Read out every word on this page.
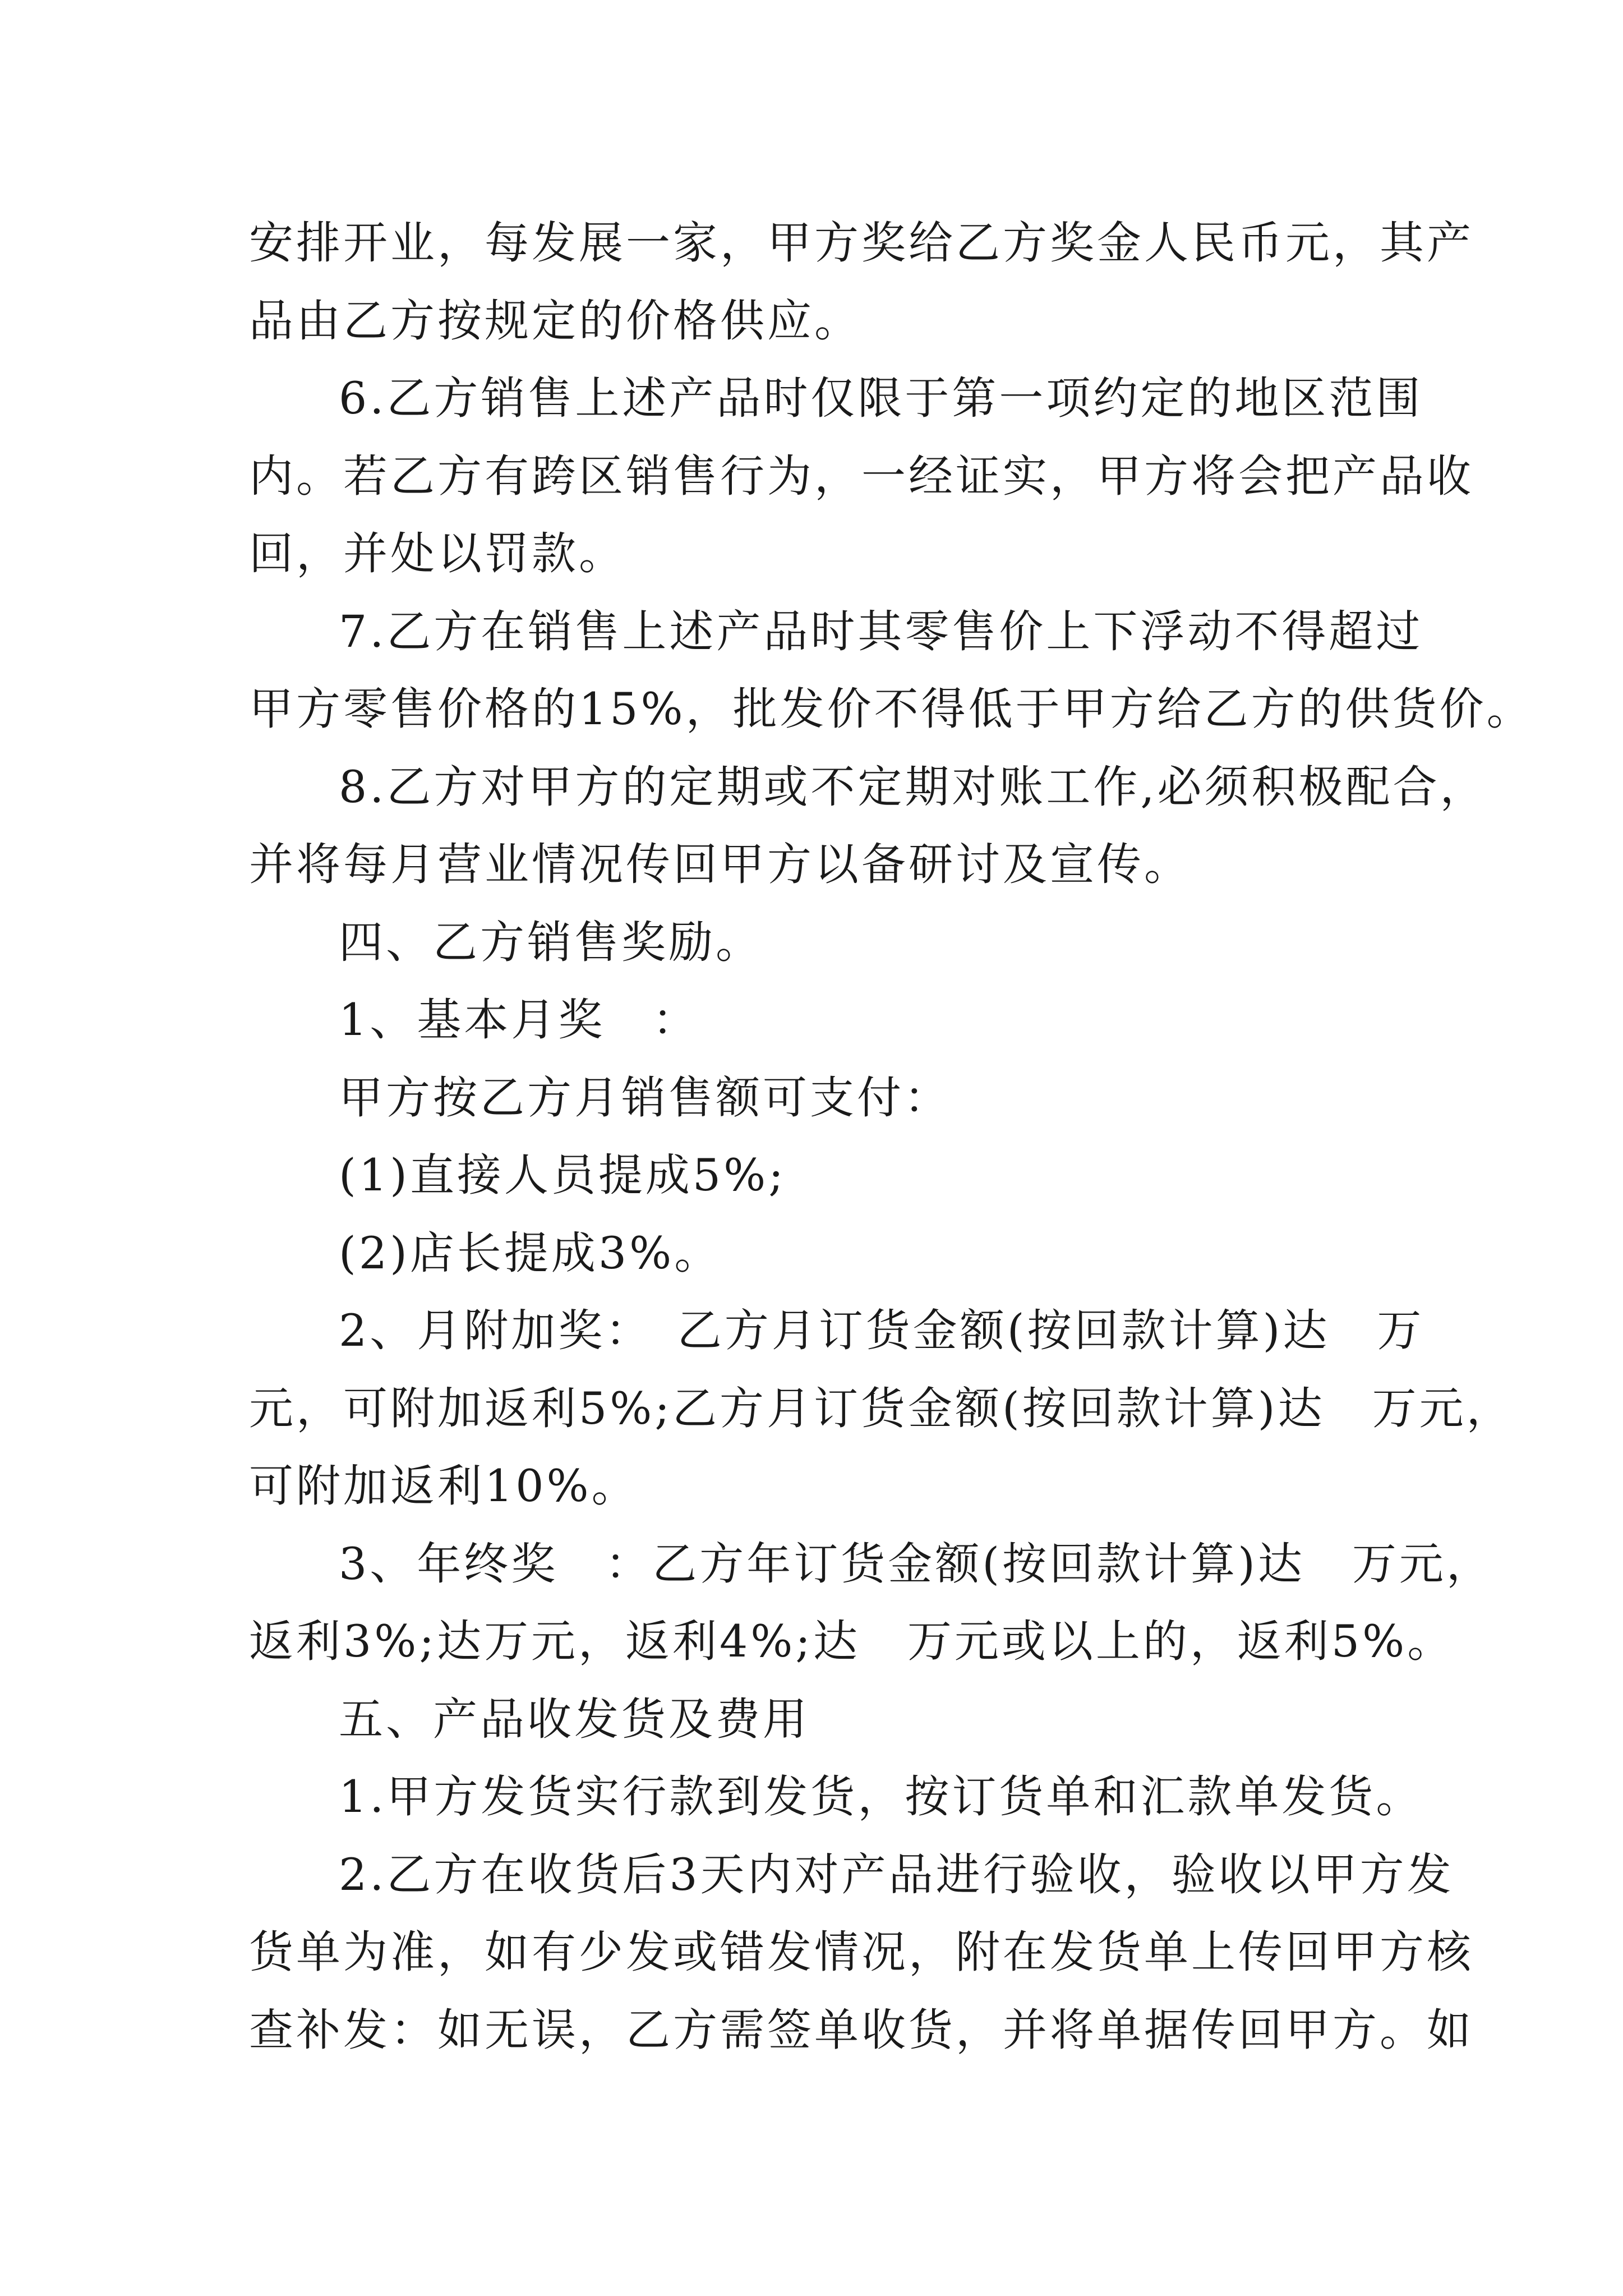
安排开业，每发展一家，甲方奖给乙方奖金人民币元，其产
品由乙方按规定的价格供应。
6.乙方销售上述产品时仅限于第一项约定的地区范围
内。若乙方有跨区销售行为，一经证实，甲方将会把产品收
回，并处以罚款。
7.乙方在销售上述产品时其零售价上下浮动不得超过
甲方零售价格的15%，批发价不得低于甲方给乙方的供货价。
8.乙方对甲方的定期或不定期对账工作,必须积极配合，
并将每月营业情况传回甲方以备研讨及宣传。
四、乙方销售奖励。
1、基本月奖　：
甲方按乙方月销售额可支付：
(1)直接人员提成5%;
(2)店长提成3%。
2、月附加奖：　乙方月订货金额(按回款计算)达　万
元，可附加返利5%;乙方月订货金额(按回款计算)达　万元，
可附加返利10%。
3、年终奖　：乙方年订货金额(按回款计算)达　万元，
返利3%;达万元，返利4%;达　万元或以上的，返利5%。
五、产品收发货及费用
1.甲方发货实行款到发货，按订货单和汇款单发货。
2.乙方在收货后3天内对产品进行验收，验收以甲方发
货单为准，如有少发或错发情况，附在发货单上传回甲方核
查补发：如无误，乙方需签单收货，并将单据传回甲方。如
